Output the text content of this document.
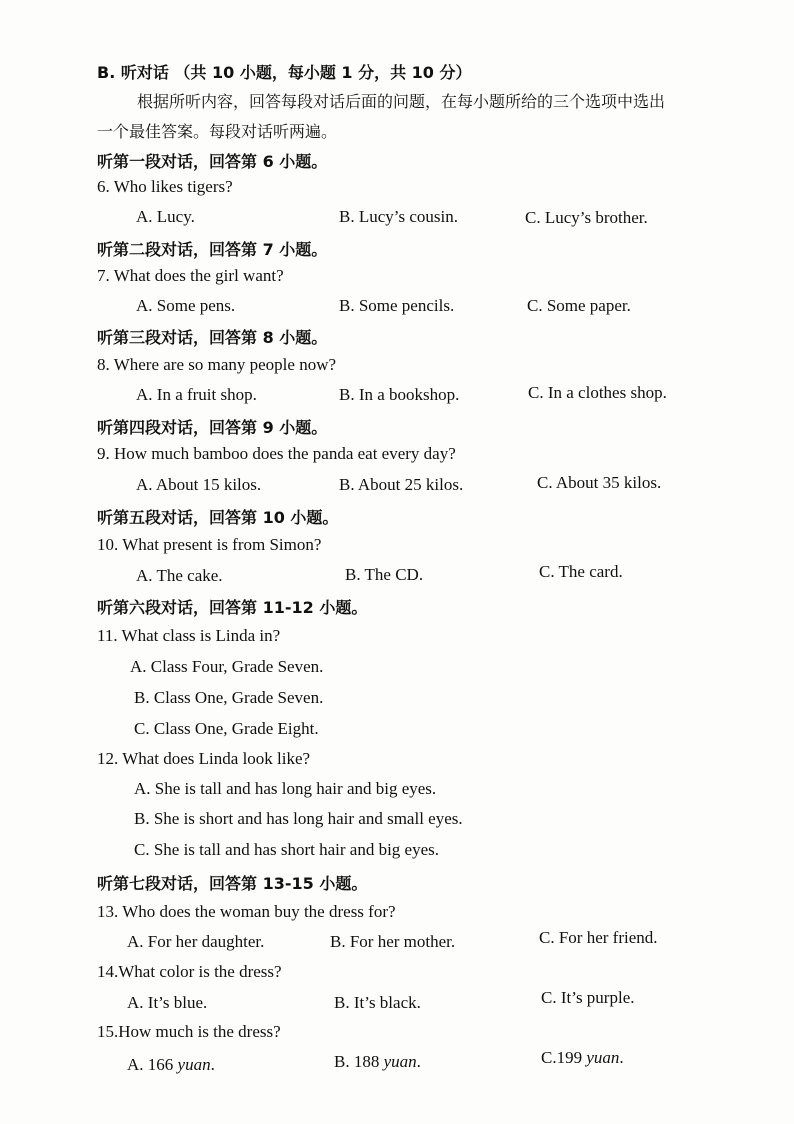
B. 听对话 （共 10 小题，每小题 1 分，共 10 分）
根据所听内容，回答每段对话后面的问题，在每小题所给的三个选项中选出
一个最佳答案。每段对话听两遍。
听第一段对话，回答第 6 小题。
6. Who likes tigers?
A. Lucy.	B. Lucy’s cousin.	C. Lucy’s brother.
听第二段对话，回答第 7 小题。
7. What does the girl want?
A. Some pens.	B. Some pencils.	C. Some paper.
听第三段对话，回答第 8 小题。
8. Where are so many people now?
A. In a fruit shop.	B. In a bookshop.	C. In a clothes shop.
听第四段对话，回答第 9 小题。
9. How much bamboo does the panda eat every day?
A. About 15 kilos.	B. About 25 kilos.	C. About 35 kilos.
听第五段对话，回答第 10 小题。
10. What present is from Simon?
A. The cake.	B. The CD.	C. The card.
听第六段对话，回答第 11-12 小题。
11. What class is Linda in?
A. Class Four, Grade Seven.
B. Class One, Grade Seven.
C. Class One, Grade Eight.
12. What does Linda look like?
A. She is tall and has long hair and big eyes.
B. She is short and has long hair and small eyes.
C. She is tall and has short hair and big eyes.
听第七段对话，回答第 13-15 小题。
13. Who does the woman buy the dress for?
A. For her daughter.	B. For her mother.	C. For her friend.
14.What color is the dress?
A. It’s blue.	B. It’s black.	C. It’s purple.
15.How much is the dress?
A. 166 yuan.	B. 188 yuan.	C.199 yuan.
